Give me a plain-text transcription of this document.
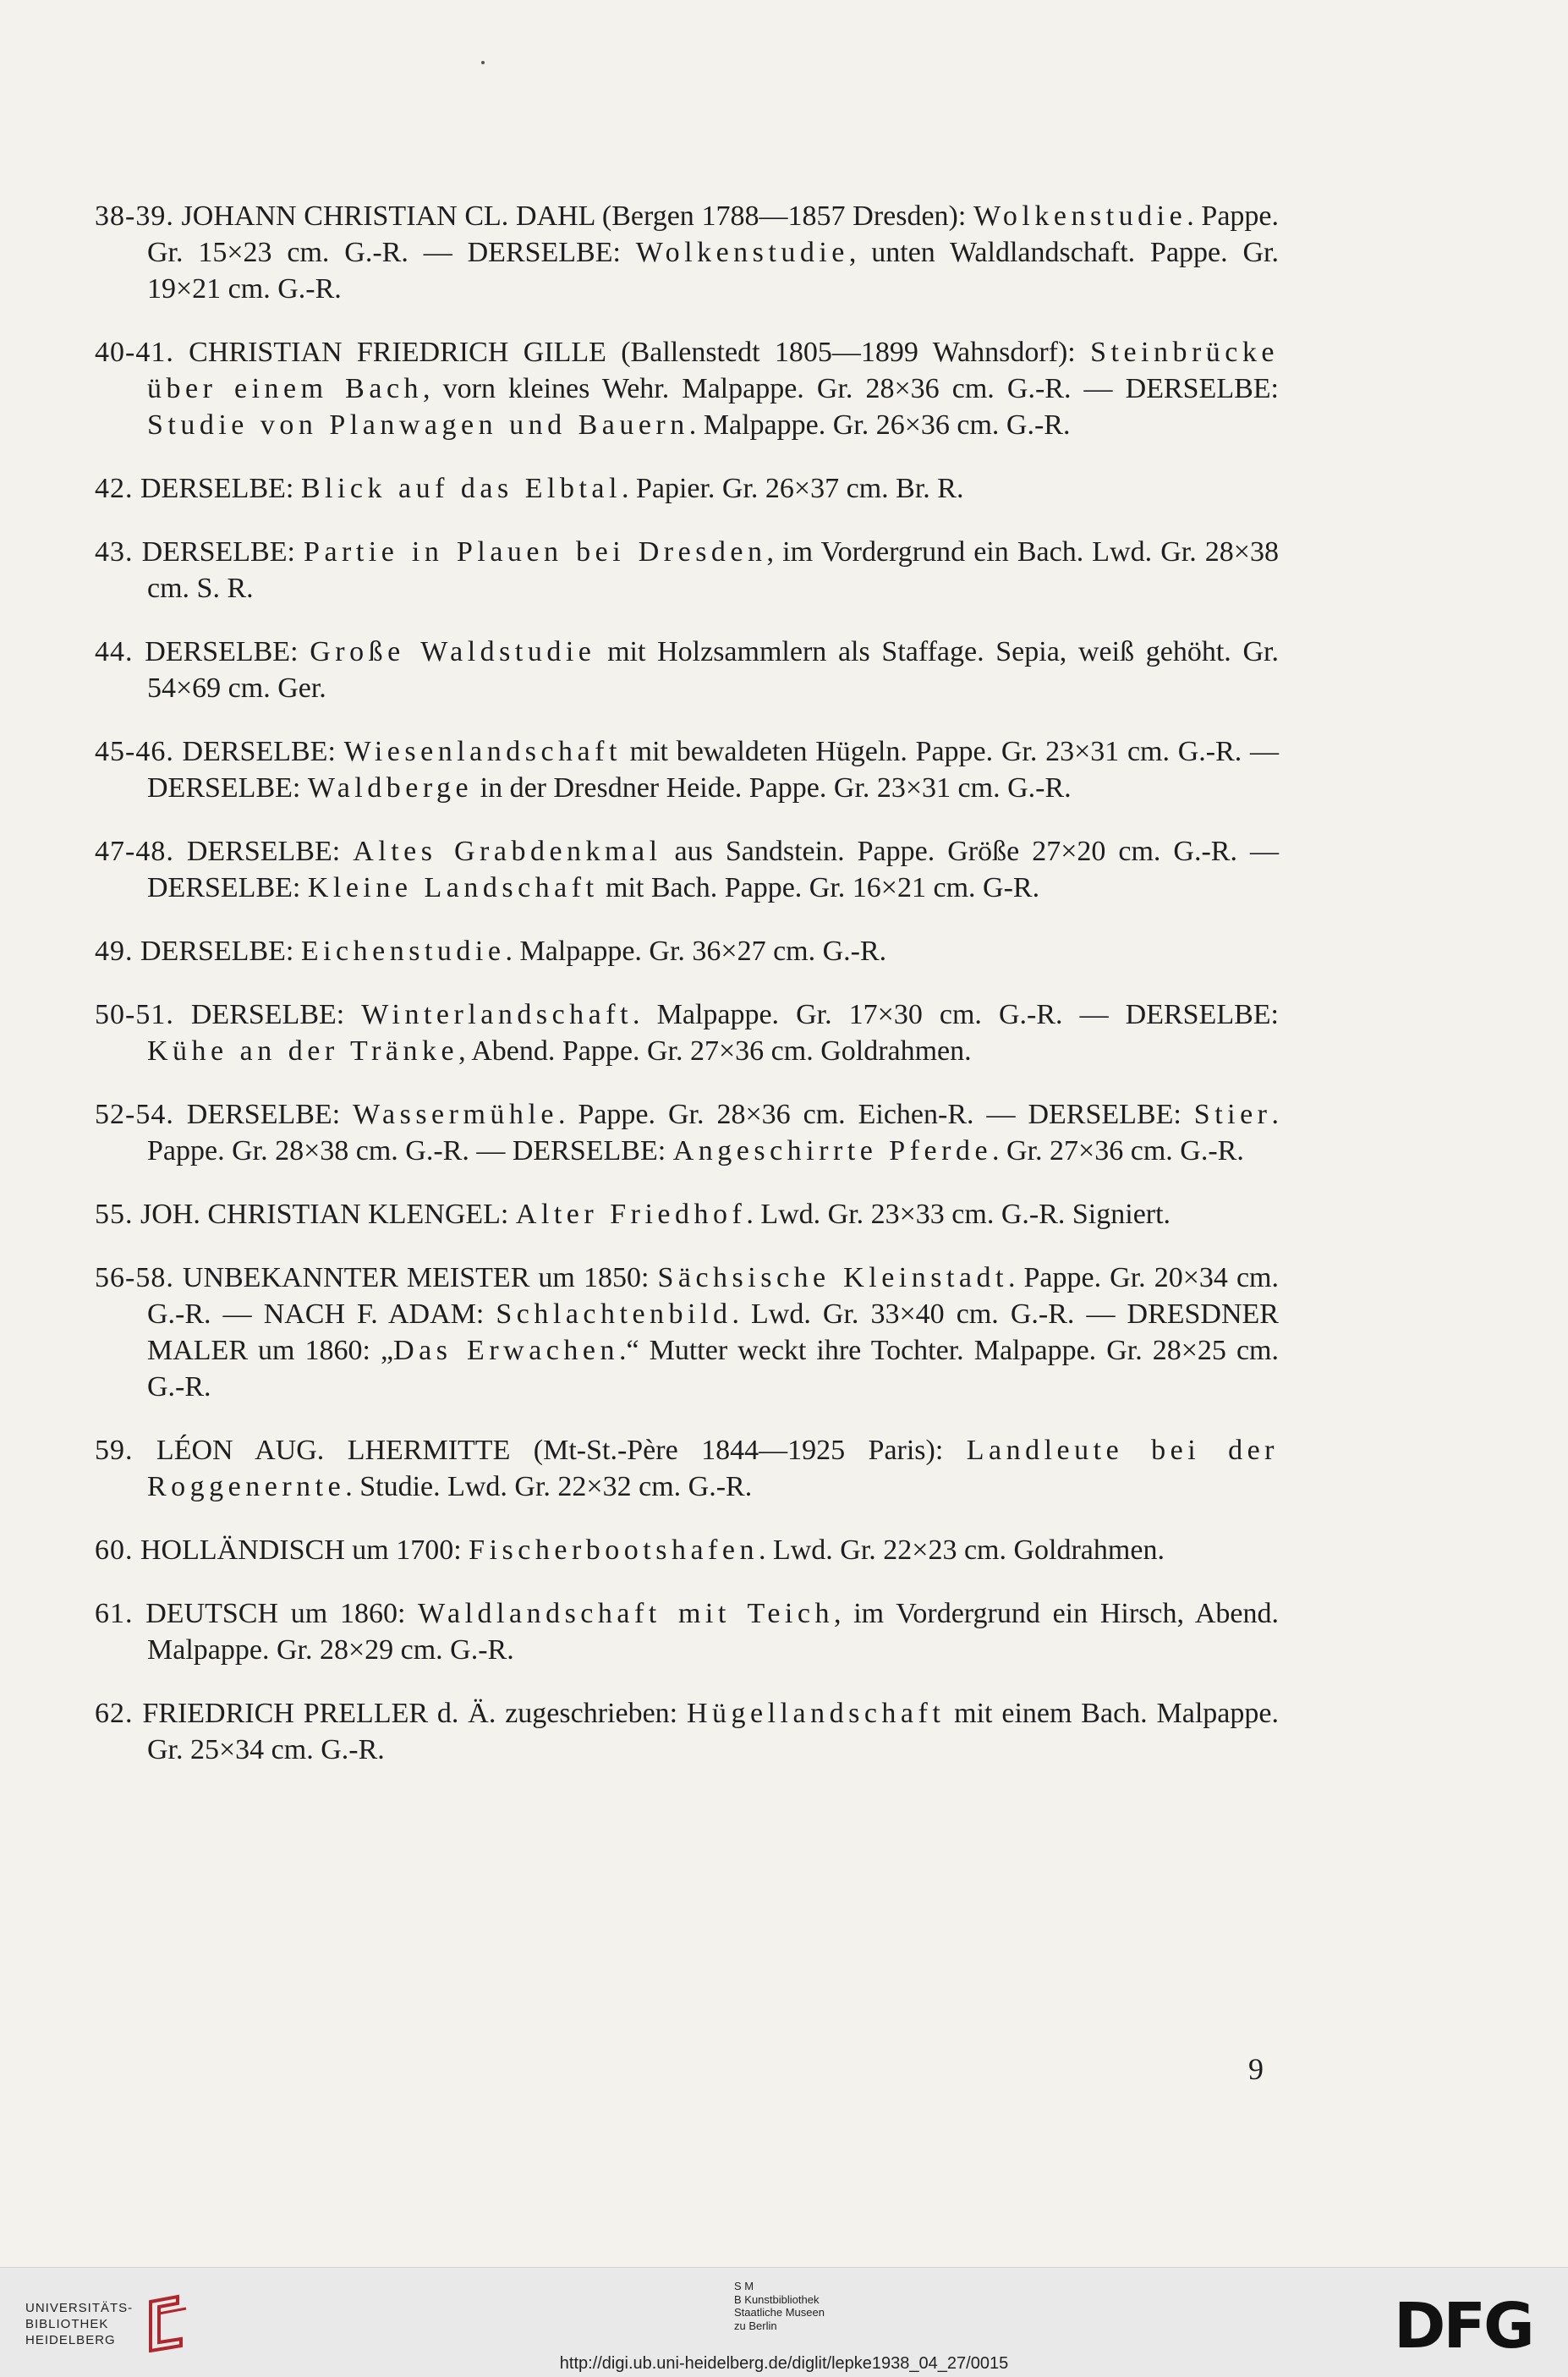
38-39. JOHANN CHRISTIAN CL. DAHL (Bergen 1788—1857 Dresden): Wolkenstudie. Pappe. Gr. 15×23 cm. G.-R. — DERSELBE: Wolkenstudie, unten Waldlandschaft. Pappe. Gr. 19×21 cm. G.-R.
40-41. CHRISTIAN FRIEDRICH GILLE (Ballenstedt 1805—1899 Wahnsdorf): Steinbrücke über einem Bach, vorn kleines Wehr. Malpappe. Gr. 28×36 cm. G.-R. — DERSELBE: Studie von Planwagen und Bauern. Malpappe. Gr. 26×36 cm. G.-R.
42. DERSELBE: Blick auf das Elbtal. Papier. Gr. 26×37 cm. Br. R.
43. DERSELBE: Partie in Plauen bei Dresden, im Vordergrund ein Bach. Lwd. Gr. 28×38 cm. S. R.
44. DERSELBE: Große Waldstudie mit Holzsammlern als Staffage. Sepia, weiß gehöht. Gr. 54×69 cm. Ger.
45-46. DERSELBE: Wiesenlandschaft mit bewaldeten Hügeln. Pappe. Gr. 23×31 cm. G.-R. — DERSELBE: Waldberge in der Dresdner Heide. Pappe. Gr. 23×31 cm. G.-R.
47-48. DERSELBE: Altes Grabdenkmal aus Sandstein. Pappe. Größe 27×20 cm. G.-R. — DERSELBE: Kleine Landschaft mit Bach. Pappe. Gr. 16×21 cm. G-R.
49. DERSELBE: Eichenstudie. Malpappe. Gr. 36×27 cm. G.-R.
50-51. DERSELBE: Winterlandschaft. Malpappe. Gr. 17×30 cm. G.-R. — DERSELBE: Kühe an der Tränke, Abend. Pappe. Gr. 27×36 cm. Goldrahmen.
52-54. DERSELBE: Wassermühle. Pappe. Gr. 28×36 cm. Eichen-R. — DERSELBE: Stier. Pappe. Gr. 28×38 cm. G.-R. — DERSELBE: Angeschirrte Pferde. Gr. 27×36 cm. G.-R.
55. JOH. CHRISTIAN KLENGEL: Alter Friedhof. Lwd. Gr. 23×33 cm. G.-R. Signiert.
56-58. UNBEKANNTER MEISTER um 1850: Sächsische Kleinstadt. Pappe. Gr. 20×34 cm. G.-R. — NACH F. ADAM: Schlachtenbild. Lwd. Gr. 33×40 cm. G.-R. — DRESDNER MALER um 1860: „Das Erwachen.“ Mutter weckt ihre Tochter. Malpappe. Gr. 28×25 cm. G.-R.
59. LÉON AUG. LHERMITTE (Mt-St.-Père 1844—1925 Paris): Landleute bei der Roggenernte. Studie. Lwd. Gr. 22×32 cm. G.-R.
60. HOLLÄNDISCH um 1700: Fischerbootshafen. Lwd. Gr. 22×23 cm. Goldrahmen.
61. DEUTSCH um 1860: Waldlandschaft mit Teich, im Vordergrund ein Hirsch, Abend. Malpappe. Gr. 28×29 cm. G.-R.
62. FRIEDRICH PRELLER d. Ä. zugeschrieben: Hügellandschaft mit einem Bach. Malpappe. Gr. 25×34 cm. G.-R.
9
UNIVERSITÄTS-
BIBLIOTHEK
HEIDELBERG
S M
B Kunstbibliothek
Staatliche Museen
zu Berlin	DFG
http://digi.ub.uni-heidelberg.de/diglit/lepke1938_04_27/0015
